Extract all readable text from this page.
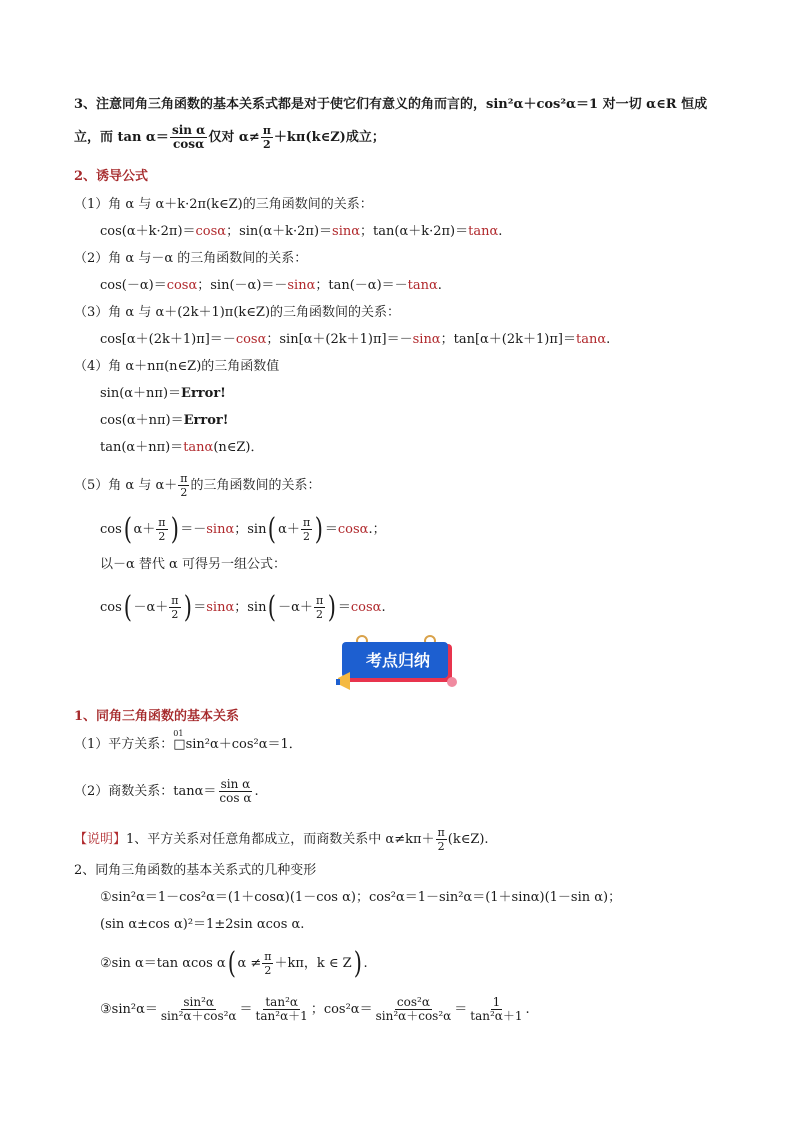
3、注意同角三角函数的基本关系式都是对于使它们有意义的角而言的，sin²α＋cos²α＝1 对一切 α∈R 恒成
立，而 $\tan \alpha= \frac{\text{sin α}}{\cos\alpha}$ 仅对 $\alpha\ne \frac{\pi}{2}$ ＋kπ(k∈Z)成立；
2、诱导公式
（1）角 α 与 α＋k·2π(k∈Z)的三角函数间的关系：
cos(α＋k·2π)＝cosα；sin(α＋k·2π)＝sinα；tan(α＋k·2π)＝tanα.
（2）角 α 与－α 的三角函数间的关系：
cos(－α)＝cosα；sin(－α)＝－sinα；tan(－α)＝－tanα.
（3）角 α 与 α＋(2k＋1)π(k∈Z)的三角函数间的关系：
cos[α＋(2k＋1)π]＝－cosα；sin[α＋(2k＋1)π]＝－sinα；tan[α＋(2k＋1)π]＝tanα.
（4）角 α＋nπ(n∈Z)的三角函数值
sin(α＋nπ)＝Error!
cos(α＋nπ)＝Error!
tan(α＋nπ)＝tanα(n∈Z)．
（5）角 α 与 $\alpha+ \frac{\pi}{2}$ 的三角函数间的关系：
cos( $\alpha+ \frac{\pi}{2}$ ) ＝－sinα；sin( $\alpha+ \frac{\pi}{2}$ ) ＝cosα.；
以－α 替代 α 可得另一组公式：
$\cos( -\alpha+ \frac{\pi}{2}$ ) ＝sinα；$\sin( -\alpha+ \frac{\pi}{2}$ ) ＝cosα.
考点归纳
1、同角三角函数的基本关系
（1）平方关系：
01
□sin²α＋cos²α＝1．
（2）商数关系：$\tan\alpha= \frac{\text{sin α}}{\text{cos α}}$ .
【说明】1、平方关系对任意角都成立，而商数关系中 $\alpha\ne k\pi+ \frac{\pi}{2}$ (k∈Z).
2、同角三角函数的基本关系式的几种变形
①sin²α＝1－cos²α＝(1＋cosα)(1－cos α)；cos²α＝1－sin²α＝(1＋sinα)(1－sin α)；
(sin α±cos α)²＝1±2sin αcos α.
②sin α＝tan αcos α( $\alpha \ne \frac{\pi}{2} +k\pi$，k ∈ Z) .
③sin²α＝ $\frac{\text{sin²α}}{\text{sin²α＋cos²α}} = \frac{\text{tan²α}}{\text{tan²α＋1}}$ ；$\cos^2\alpha= \frac{\text{cos²α}}{\text{sin²α＋cos²α}} = \frac{1}{\text{tan²α＋1}}$ .
